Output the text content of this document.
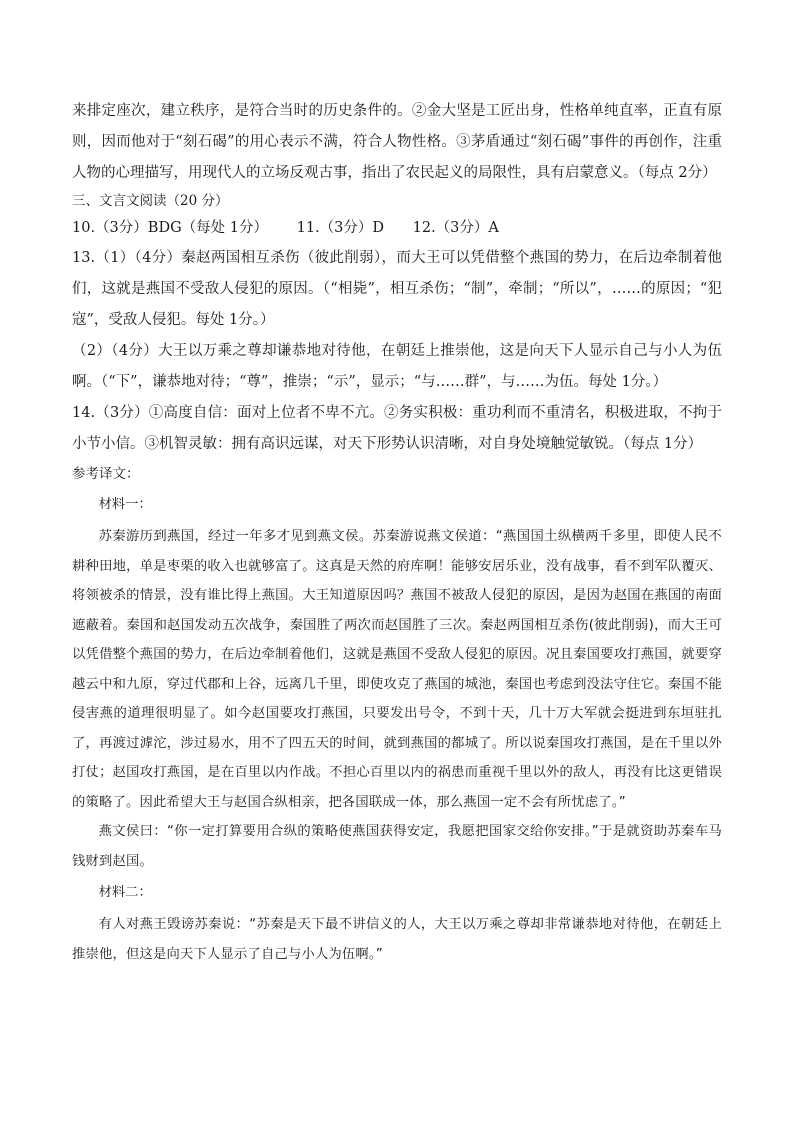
来排定座次，建立秩序，是符合当时的历史条件的。②金大坚是工匠出身，性格单纯直率，正直有原则，因而他对于“刻石碣”的用心表示不满，符合人物性格。③茅盾通过“刻石碣”事件的再创作，注重人物的心理描写，用现代人的立场反观古事，指出了农民起义的局限性，具有启蒙意义。（每点 2分）

三、文言文阅读（20 分）

10.（3分）BDG（每处 1分） 11.（3分）D 12.（3分）A

13.（1）（4分）秦赵两国相互杀伤（彼此削弱），而大王可以凭借整个燕国的势力，在后边牵制着他们，这就是燕国不受敌人侵犯的原因。（“相毙”，相互杀伤；“制”，牵制；“所以”，……的原因；“犯寇”，受敌人侵犯。每处 1分。）

（2）（4分）大王以万乘之尊却谦恭地对待他，在朝廷上推崇他，这是向天下人显示自己与小人为伍啊。（“下”，谦恭地对待；“尊”，推崇；“示”，显示；“与……群”，与……为伍。每处 1分。）

14.（3分）①高度自信：面对上位者不卑不亢。②务实积极：重功利而不重清名，积极进取，不拘于小节小信。③机智灵敏：拥有高识远谋，对天下形势认识清晰，对自身处境触觉敏锐。（每点 1分）

参考译文：

材料一：

苏秦游历到燕国，经过一年多才见到燕文侯。苏秦游说燕文侯道：“燕国国土纵横两千多里，即使人民不耕种田地，单是枣栗的收入也就够富了。这真是天然的府库啊！能够安居乐业，没有战事，看不到军队覆灭、将领被杀的情景，没有谁比得上燕国。大王知道原因吗？燕国不被敌人侵犯的原因，是因为赵国在燕国的南面遮蔽着。秦国和赵国发动五次战争，秦国胜了两次而赵国胜了三次。秦赵两国相互杀伤(彼此削弱)，而大王可以凭借整个燕国的势力，在后边牵制着他们，这就是燕国不受敌人侵犯的原因。况且秦国要攻打燕国，就要穿越云中和九原，穿过代郡和上谷，远离几千里，即使攻克了燕国的城池，秦国也考虑到没法守住它。秦国不能侵害燕的道理很明显了。如今赵国要攻打燕国，只要发出号令，不到十天，几十万大军就会挺进到东垣驻扎了，再渡过滹沱，涉过易水，用不了四五天的时间，就到燕国的都城了。所以说秦国攻打燕国，是在千里以外打仗；赵国攻打燕国，是在百里以内作战。不担心百里以内的祸患而重视千里以外的敌人，再没有比这更错误的策略了。因此希望大王与赵国合纵相亲，把各国联成一体，那么燕国一定不会有所忧虑了。”

燕文侯曰：“你一定打算要用合纵的策略使燕国获得安定，我愿把国家交给你安排。”于是就资助苏秦车马钱财到赵国。

材料二：

有人对燕王毁谤苏秦说：“苏秦是天下最不讲信义的人，大王以万乘之尊却非常谦恭地对待他，在朝廷上推崇他，但这是向天下人显示了自己与小人为伍啊。”
